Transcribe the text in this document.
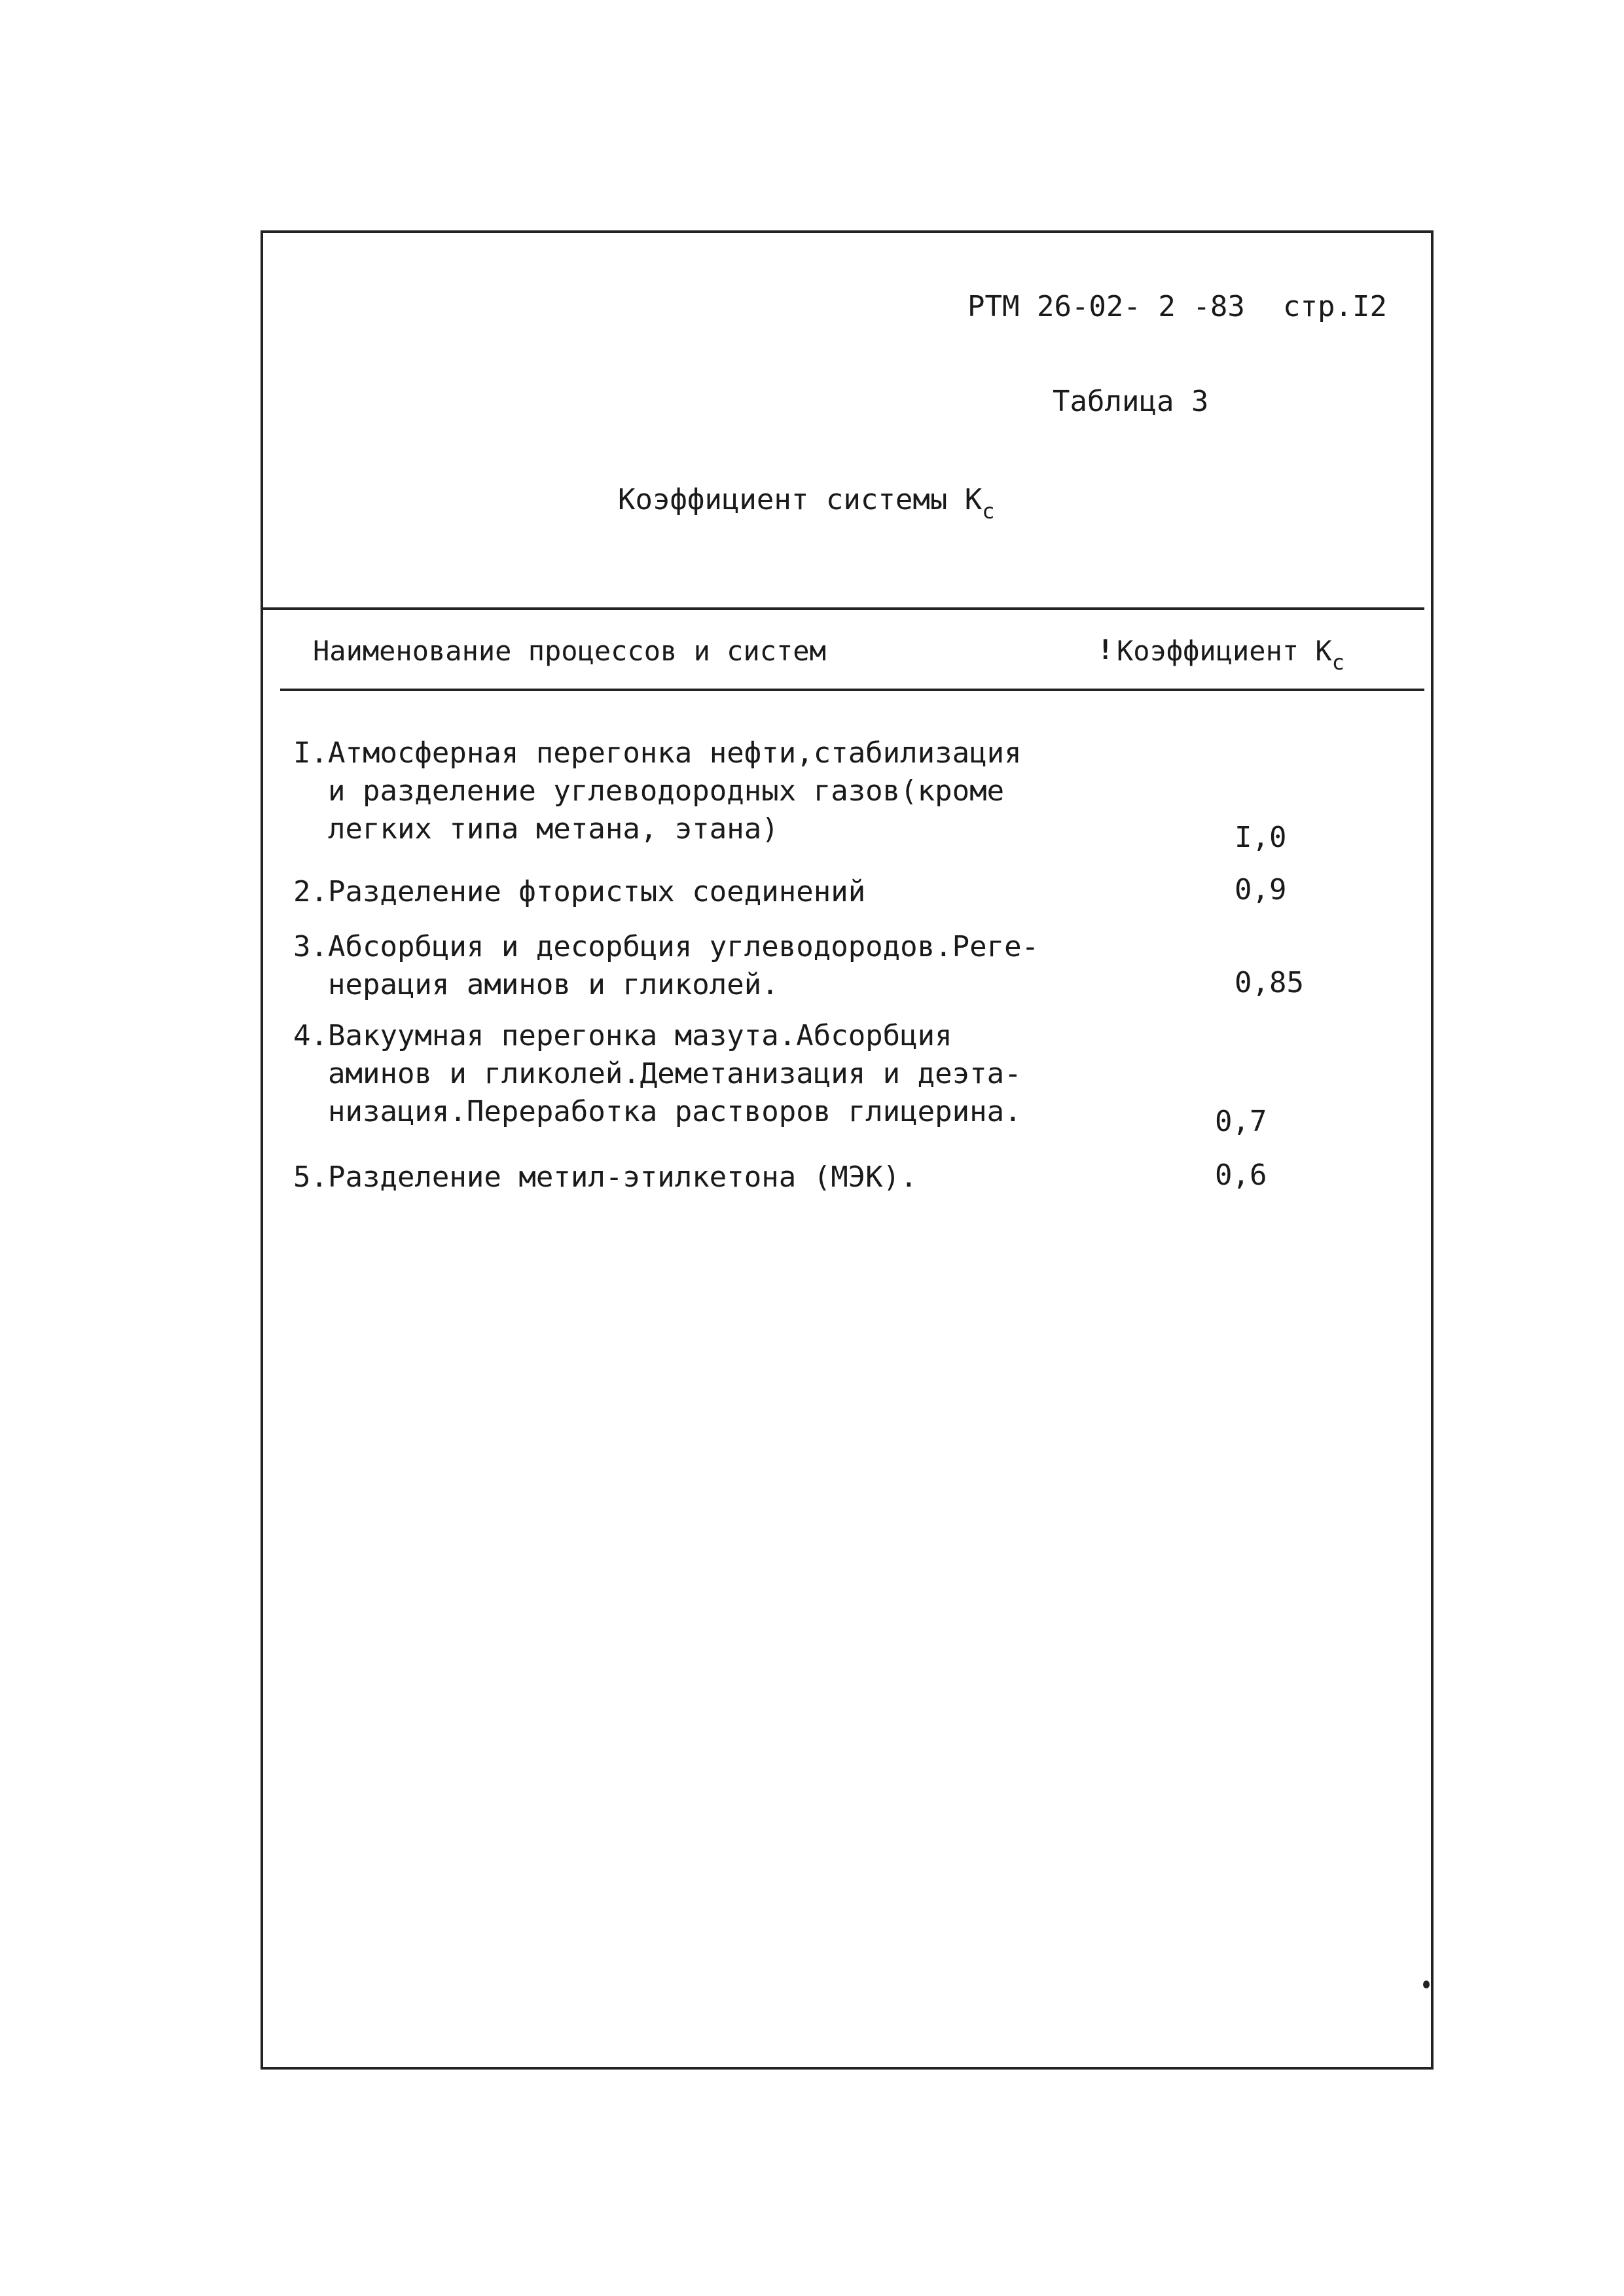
РТМ 26-02- 2 -83 стр.I2
Таблица 3
Коэффициент системы $К_с$
Наименование процессов и систем	! Коэффициент $К_с$
I.Атмосферная перегонка нефти,стабилизация
и разделение углеводородных газов(кроме
легких типа метана, этана)	I,0
2.Разделение фтористых соединений	0,9
3.Абсорбция и десорбция углеводородов.Реге-
нерация аминов и гликолей.	0,85
4.Вакуумная перегонка мазута.Абсорбция
аминов и гликолей.Деметанизация и деэта-
низация.Переработка растворов глицерина.	0,7
5.Разделение метил-этилкетона (МЭК).	0,6
